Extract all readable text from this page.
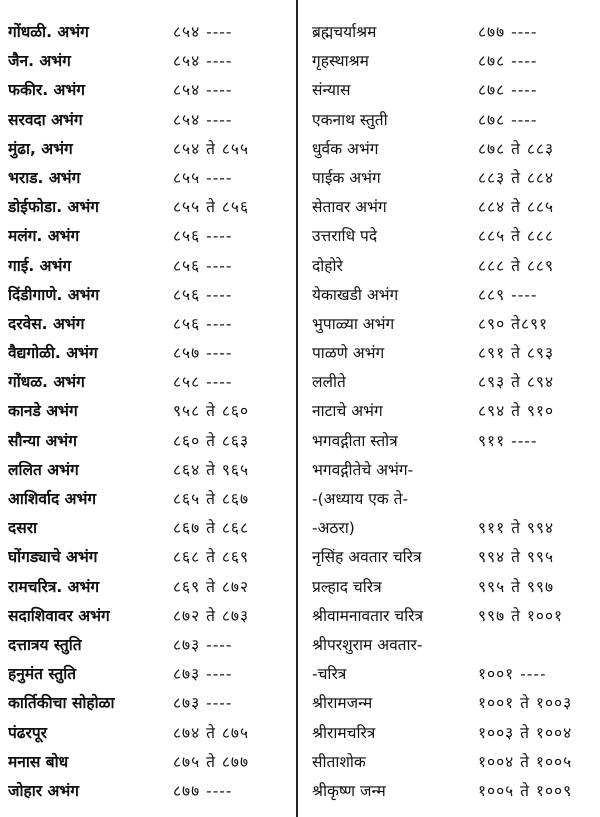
गोंधळी. अभंग	८५४ ----
जैन. अभंग	८५४ ----
फकीर. अभंग	८५४ ----
सरवदा अभंग	८५४ ----
मुंढा, अभंग	८५४ ते ८५५
भराड. अभंग	८५५ ----
डोईफोडा. अभंग	८५५ ते ८५६
मलंग. अभंग	८५६ ----
गाई. अभंग	८५६ ----
दिंडीगाणे. अभंग	८५६ ----
दरवेस. अभंग	८५६ ----
वैद्यगोळी. अभंग	८५७ ----
गोंधळ. अभंग	८५८ ----
कानडे अभंग	९५८ ते ८६०
सौन्या अभंग	८६० ते ८६३
ललित अभंग	८६४ ते ९६५
आशिर्वाद अभंग	८६५ ते ८६७
दसरा	८६७ ते ८६८
घोंगड्याचे अभंग	८६८ ते ८६९
रामचरित्र. अभंग	८६९ ते ८७२
सदाशिवावर अभंग	८७२ ते ८७३
दत्तात्रय स्तुति	८७३ ----
हनुमंत स्तुति	८७३ ----
कार्तिकीचा सोहोळा	८७३ ----
पंढरपूर	८७४ ते ८७५
मनास बोध	८७५ ते ८७७
जोहार अभंग	८७७ ----
ब्रह्मचर्याश्रम	८७७ ----
गृहस्थाश्रम	८७८ ----
संन्यास	८७८ ----
एकनाथ स्तुती	८७८ ----
धुर्वक अभंग	८७८ ते ८८३
पाईक अभंग	८८३ ते ८८४
सेतावर अभंग	८८४ ते ८८५
उत्तराधि पदे	८८५ ते ८८८
दोहोरे	८८८ ते ८८९
येकाखडी अभंग	८८९ ----
भुपाळ्या अभंग	८९० ते८९१
पाळणे अभंग	८९१ ते ८९३
ललीते	८९३ ते ८९४
नाटाचे अभंग	८९४ ते ९१०
भगवद्गीता स्तोत्र	९११ ----
भगवद्गीतेचे अभंग-
-(अध्याय एक ते-
-अठरा)	९११ ते ९९४
नृसिंह अवतार चरित्र	९९४ ते ९९५
प्रल्हाद चरित्र	९९५ ते ९९७
श्रीवामनावतार चरित्र	९९७ ते १००१
श्रीपरशुराम अवतार-
-चरित्र	१००१ ----
श्रीरामजन्म	१००१ ते १००३
श्रीरामचरित्र	१००३ ते १००४
सीताशोक	१००४ ते १००५
श्रीकृष्ण जन्म	१००५ ते १००९
